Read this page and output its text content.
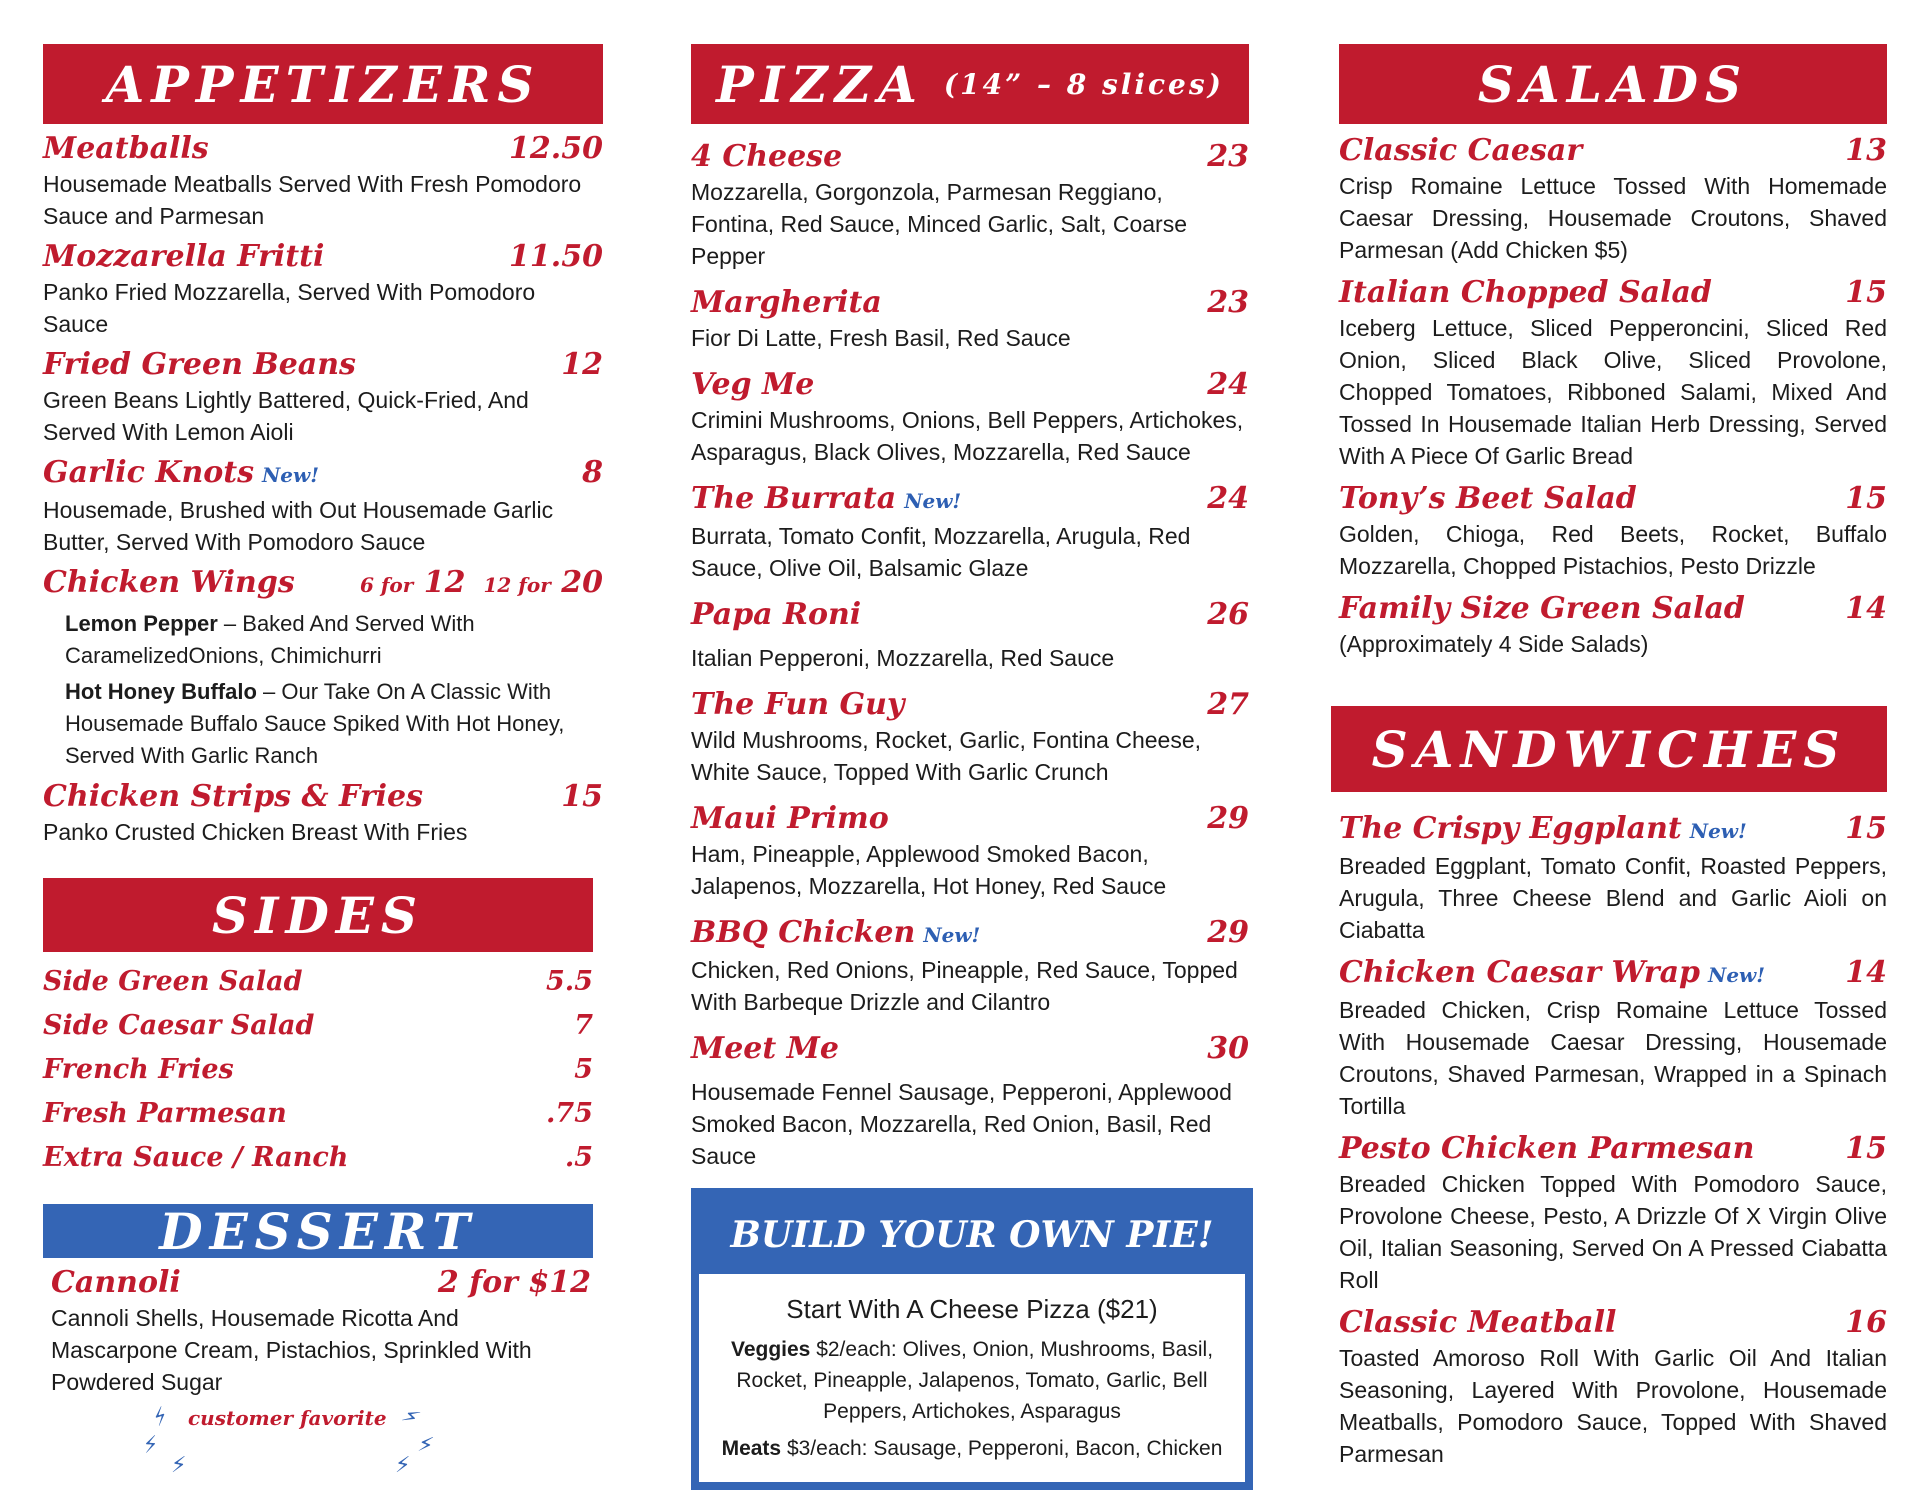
APPETIZERS
Meatballs	12.50
Housemade Meatballs Served With Fresh Pomodoro Sauce and Parmesan
Mozzarella Fritti	11.50
Panko Fried Mozzarella, Served With Pomodoro Sauce
Fried Green Beans	12
Green Beans Lightly Battered, Quick-Fried, And Served With Lemon Aioli
Garlic Knots New!	8
Housemade, Brushed with Out Housemade Garlic Butter, Served With Pomodoro Sauce
Chicken Wings	6 for 12 12 for 20
Lemon Pepper – Baked And Served With CaramelizedOnions, Chimichurri
Hot Honey Buffalo – Our Take On A Classic With Housemade Buffalo Sauce Spiked With Hot Honey, Served With Garlic Ranch
Chicken Strips & Fries	15
Panko Crusted Chicken Breast With Fries
SIDES
Side Green Salad	5.5
Side Caesar Salad	7
French Fries	5
Fresh Parmesan	.75
Extra Sauce / Ranch	.5
DESSERT
Cannoli	2 for $12
Cannoli Shells, Housemade Ricotta And Mascarpone Cream, Pistachios, Sprinkled With Powdered Sugar
⚡
⚡
⚡
customer favorite ⚡
⚡
⚡
PIZZA (14” – 8 slices)
4 Cheese	23
Mozzarella, Gorgonzola, Parmesan Reggiano, Fontina, Red Sauce, Minced Garlic, Salt, Coarse Pepper
Margherita	23
Fior Di Latte, Fresh Basil, Red Sauce
Veg Me	24
Crimini Mushrooms, Onions, Bell Peppers, Artichokes, Asparagus, Black Olives, Mozzarella, Red Sauce
The Burrata New!	24
Burrata, Tomato Confit, Mozzarella, Arugula, Red Sauce, Olive Oil, Balsamic Glaze
Papa Roni	26
Italian Pepperoni, Mozzarella, Red Sauce
The Fun Guy	27
Wild Mushrooms, Rocket, Garlic, Fontina Cheese, White Sauce, Topped With Garlic Crunch
Maui Primo	29
Ham, Pineapple, Applewood Smoked Bacon, Jalapenos, Mozzarella, Hot Honey, Red Sauce
BBQ Chicken New!	29
Chicken, Red Onions, Pineapple, Red Sauce, Topped With Barbeque Drizzle and Cilantro
Meet Me	30
Housemade Fennel Sausage, Pepperoni, Applewood Smoked Bacon, Mozzarella, Red Onion, Basil, Red Sauce
BUILD YOUR OWN PIE!
Start With A Cheese Pizza ($21)
Veggies $2/each: Olives, Onion, Mushrooms, Basil, Rocket, Pineapple, Jalapenos, Tomato, Garlic, Bell Peppers, Artichokes, Asparagus
Meats $3/each: Sausage, Pepperoni, Bacon, Chicken
SALADS
Classic Caesar	13
Crisp Romaine Lettuce Tossed With Homemade Caesar Dressing, Housemade Croutons, Shaved Parmesan (Add Chicken $5)
Italian Chopped Salad	15
Iceberg Lettuce, Sliced Pepperoncini, Sliced Red Onion, Sliced Black Olive, Sliced Provolone, Chopped Tomatoes, Ribboned Salami, Mixed And Tossed In Housemade Italian Herb Dressing, Served With A Piece Of Garlic Bread
Tony’s Beet Salad	15
Golden, Chioga, Red Beets, Rocket, Buffalo Mozzarella, Chopped Pistachios, Pesto Drizzle
Family Size Green Salad	14
(Approximately 4 Side Salads)
SANDWICHES
The Crispy Eggplant New!	15
Breaded Eggplant, Tomato Confit, Roasted Peppers, Arugula, Three Cheese Blend and Garlic Aioli on Ciabatta
Chicken Caesar Wrap New!	14
Breaded Chicken, Crisp Romaine Lettuce Tossed With Housemade Caesar Dressing, Housemade Croutons, Shaved Parmesan, Wrapped in a Spinach Tortilla
Pesto Chicken Parmesan	15
Breaded Chicken Topped With Pomodoro Sauce, Provolone Cheese, Pesto, A Drizzle Of X Virgin Olive Oil, Italian Seasoning, Served On A Pressed Ciabatta Roll
Classic Meatball	16
Toasted Amoroso Roll With Garlic Oil And Italian Seasoning, Layered With Provolone, Housemade Meatballs, Pomodoro Sauce, Topped With Shaved Parmesan
